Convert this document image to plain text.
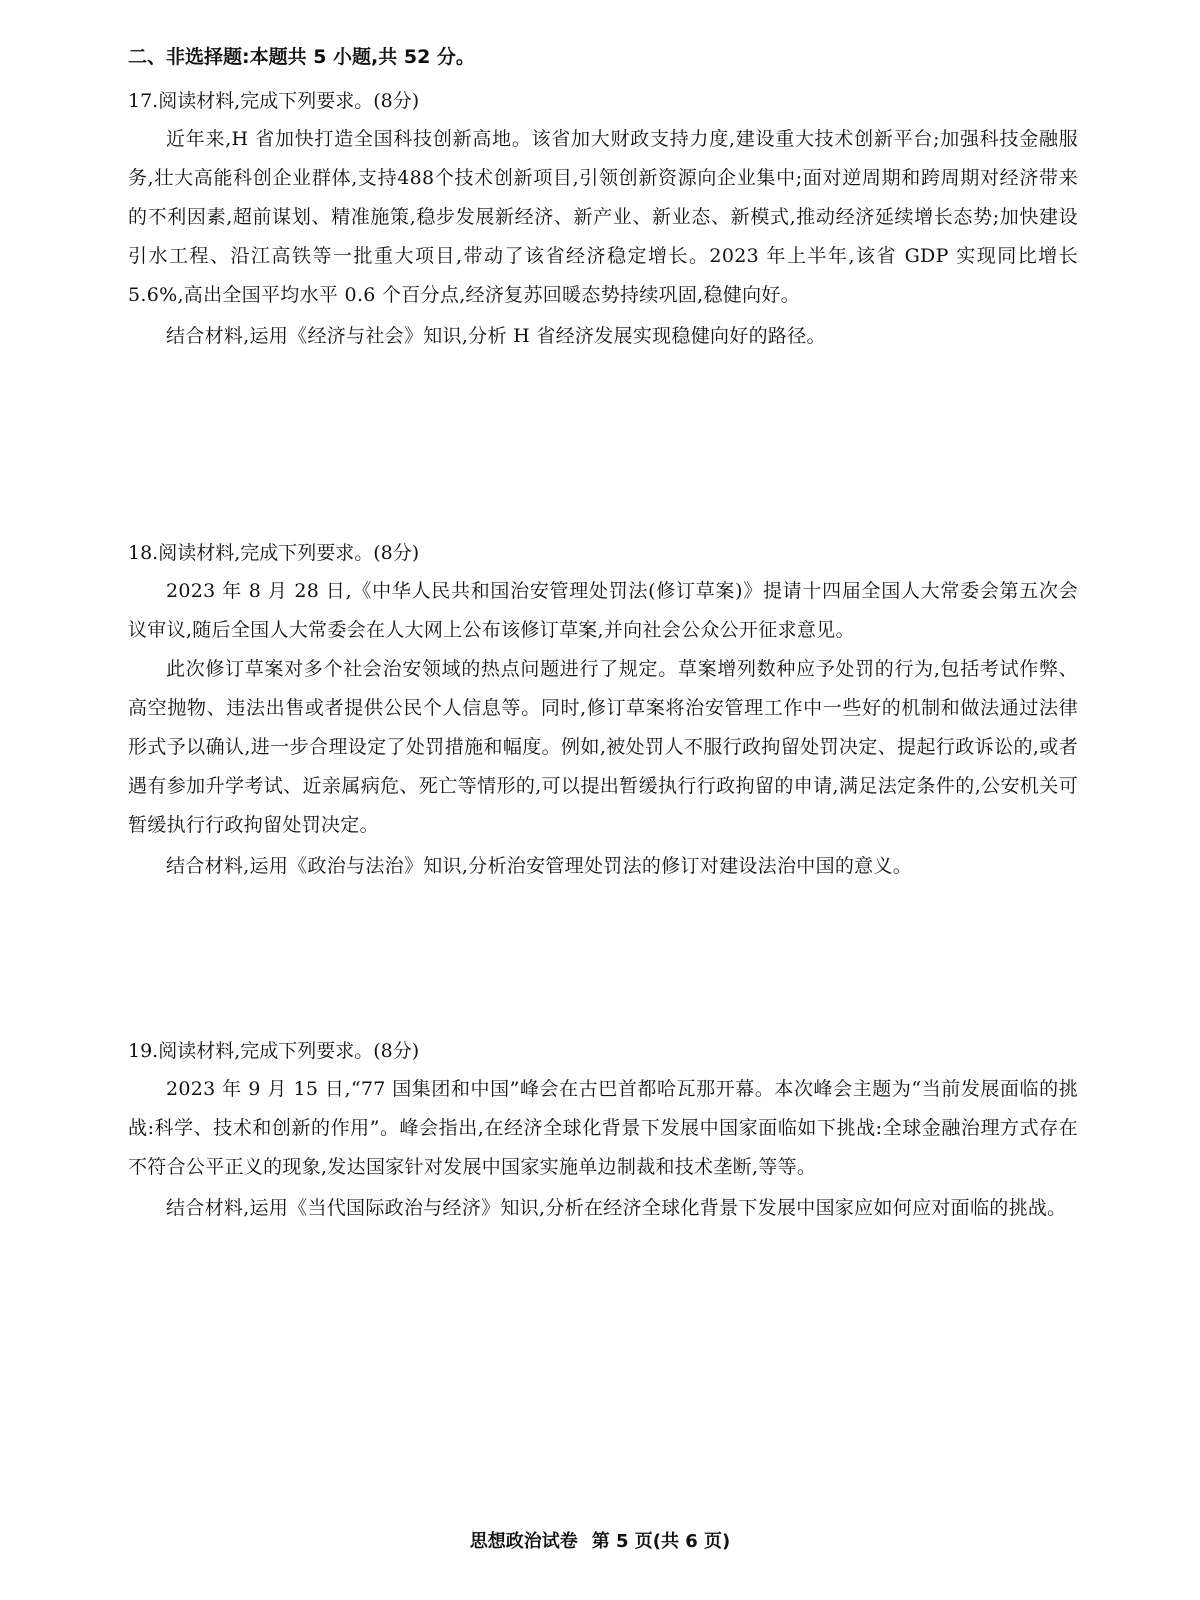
二、非选择题:本题共 5 小题,共 52 分。
17.阅读材料,完成下列要求。(8分)

近年来,H 省加快打造全国科技创新高地。该省加大财政支持力度,建设重大技术创新平台;加强科技金融服务,壮大高能科创企业群体,支持488个技术创新项目,引领创新资源向企业集中;面对逆周期和跨周期对经济带来的不利因素,超前谋划、精准施策,稳步发展新经济、新产业、新业态、新模式,推动经济延续增长态势;加快建设引水工程、沿江高铁等一批重大项目,带动了该省经济稳定增长。2023 年上半年,该省 GDP 实现同比增长 5.6%,高出全国平均水平 0.6 个百分点,经济复苏回暖态势持续巩固,稳健向好。

结合材料,运用《经济与社会》知识,分析 H 省经济发展实现稳健向好的路径。

18.阅读材料,完成下列要求。(8分)

2023 年 8 月 28 日,《中华人民共和国治安管理处罚法(修订草案)》提请十四届全国人大常委会第五次会议审议,随后全国人大常委会在人大网上公布该修订草案,并向社会公众公开征求意见。

此次修订草案对多个社会治安领域的热点问题进行了规定。草案增列数种应予处罚的行为,包括考试作弊、高空抛物、违法出售或者提供公民个人信息等。同时,修订草案将治安管理工作中一些好的机制和做法通过法律形式予以确认,进一步合理设定了处罚措施和幅度。例如,被处罚人不服行政拘留处罚决定、提起行政诉讼的,或者遇有参加升学考试、近亲属病危、死亡等情形的,可以提出暂缓执行行政拘留的申请,满足法定条件的,公安机关可暂缓执行行政拘留处罚决定。

结合材料,运用《政治与法治》知识,分析治安管理处罚法的修订对建设法治中国的意义。

19.阅读材料,完成下列要求。(8分)

2023 年 9 月 15 日,“77 国集团和中国”峰会在古巴首都哈瓦那开幕。本次峰会主题为“当前发展面临的挑战:科学、技术和创新的作用”。峰会指出,在经济全球化背景下发展中国家面临如下挑战:全球金融治理方式存在不符合公平正义的现象,发达国家针对发展中国家实施单边制裁和技术垄断,等等。

结合材料,运用《当代国际政治与经济》知识,分析在经济全球化背景下发展中国家应如何应对面临的挑战。

思想政治试卷 第 5 页(共 6 页)
